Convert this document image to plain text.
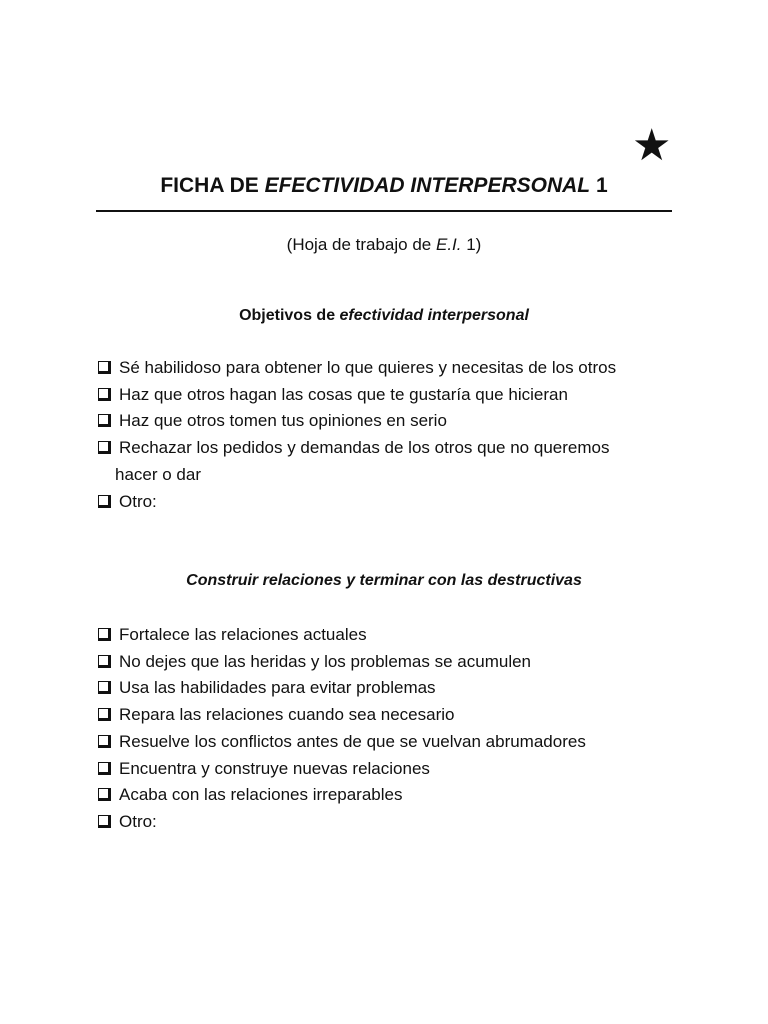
★
FICHA DE EFECTIVIDAD INTERPERSONAL 1
(Hoja de trabajo de E.I. 1)
Objetivos de efectividad interpersonal
Sé habilidoso para obtener lo que quieres y necesitas de los otros
Haz que otros hagan las cosas que te gustaría que hicieran
Haz que otros tomen tus opiniones en serio
Rechazar los pedidos y demandas de los otros que no queremos
hacer o dar
Otro:
Construir relaciones y terminar con las destructivas
Fortalece las relaciones actuales
No dejes que las heridas y los problemas se acumulen
Usa las habilidades para evitar problemas
Repara las relaciones cuando sea necesario
Resuelve los conflictos antes de que se vuelvan abrumadores
Encuentra y construye nuevas relaciones
Acaba con las relaciones irreparables
Otro:
